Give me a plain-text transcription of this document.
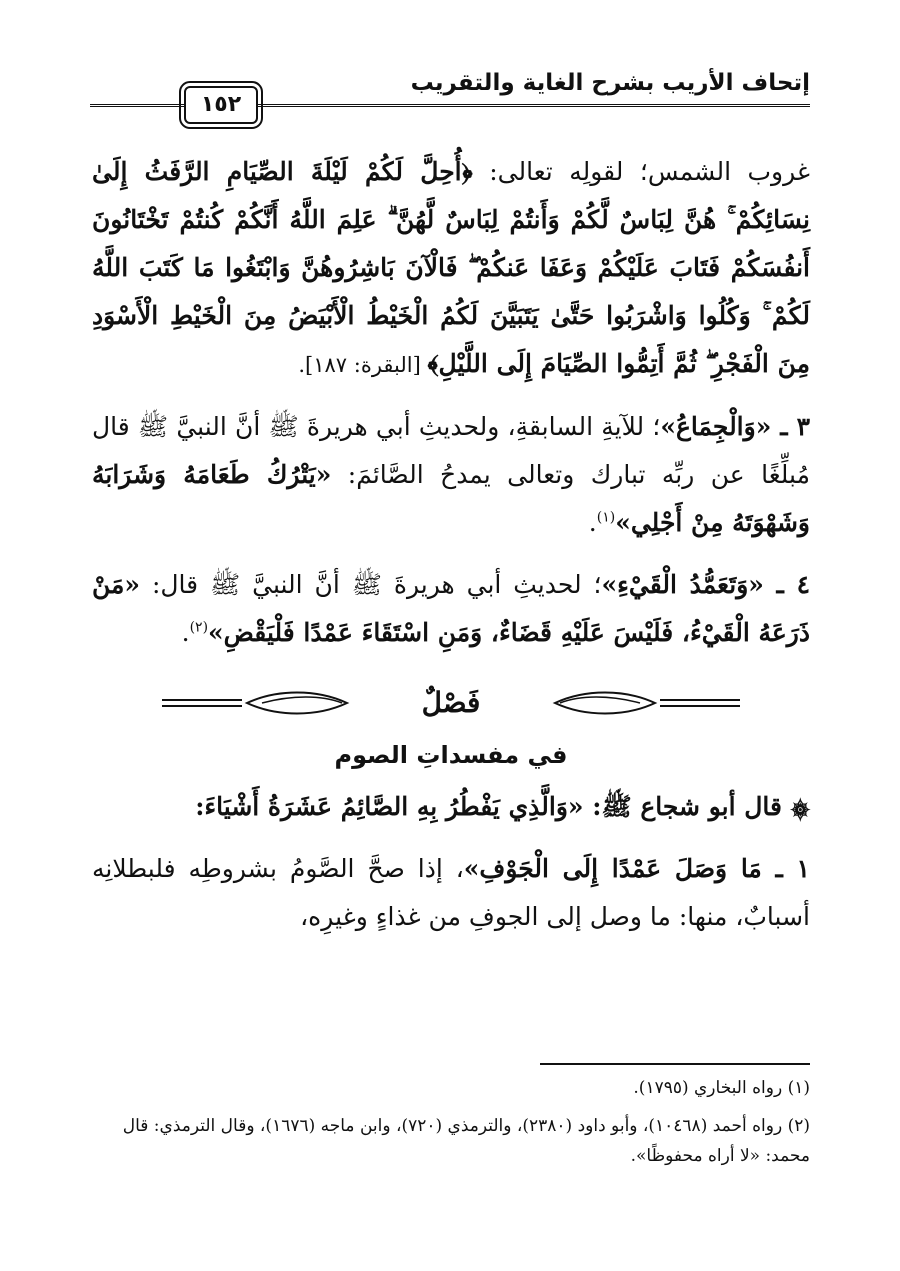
إتحاف الأريب بشرح الغاية والتقريب
١٥٢

غروب الشمس؛ لقولِه تعالى: ﴿أُحِلَّ لَكُمْ لَيْلَةَ الصِّيَامِ الرَّفَثُ إِلَىٰ نِسَائِكُمْ ۚ هُنَّ لِبَاسٌ لَّكُمْ وَأَنتُمْ لِبَاسٌ لَّهُنَّ ۗ عَلِمَ اللَّهُ أَنَّكُمْ كُنتُمْ تَخْتَانُونَ أَنفُسَكُمْ فَتَابَ عَلَيْكُمْ وَعَفَا عَنكُمْ ۖ فَالْآنَ بَاشِرُوهُنَّ وَابْتَغُوا مَا كَتَبَ اللَّهُ لَكُمْ ۚ وَكُلُوا وَاشْرَبُوا حَتَّىٰ يَتَبَيَّنَ لَكُمُ الْخَيْطُ الْأَبْيَضُ مِنَ الْخَيْطِ الْأَسْوَدِ مِنَ الْفَجْرِ ۖ ثُمَّ أَتِمُّوا الصِّيَامَ إِلَى اللَّيْلِ﴾ [البقرة: ١٨٧].

٣ ـ «وَالْجِمَاعُ»؛ للآيةِ السابقةِ، ولحديثِ أبي هريرةَ ﷺ أنَّ النبيَّ ﷺ قال مُبلِّغًا عن ربِّه تبارك وتعالى يمدحُ الصَّائمَ: «يَتْرُكُ طَعَامَهُ وَشَرَابَهُ وَشَهْوَتَهُ مِنْ أَجْلِي»$^{(١)}$.

٤ ـ «وَتَعَمُّدُ الْقَيْءِ»؛ لحديثِ أبي هريرةَ ﷺ أنَّ النبيَّ ﷺ قال: «مَنْ ذَرَعَهُ الْقَيْءُ، فَلَيْسَ عَلَيْهِ قَضَاءٌ، وَمَنِ اسْتَقَاءَ عَمْدًا فَلْيَقْضِ»$^{(٢)}$.

فَصْلٌ
في مفسداتِ الصوم

۞ قال أبو شجاع ﷺ: «وَالَّذِي يَفْطُرُ بِهِ الصَّائِمُ عَشَرَةُ أَشْيَاءَ:

١ ـ مَا وَصَلَ عَمْدًا إِلَى الْجَوْفِ»، إذا صحَّ الصَّومُ بشروطِه فلبطلانِه أسبابٌ، منها: ما وصل إلى الجوفِ من غذاءٍ وغيرِه،

(١) رواه البخاري (١٧٩٥).

(٢) رواه أحمد (١٠٤٦٨)، وأبو داود (٢٣٨٠)، والترمذي (٧٢٠)، وابن ماجه (١٦٧٦)، وقال الترمذي: قال محمد: «لا أراه محفوظًا».
